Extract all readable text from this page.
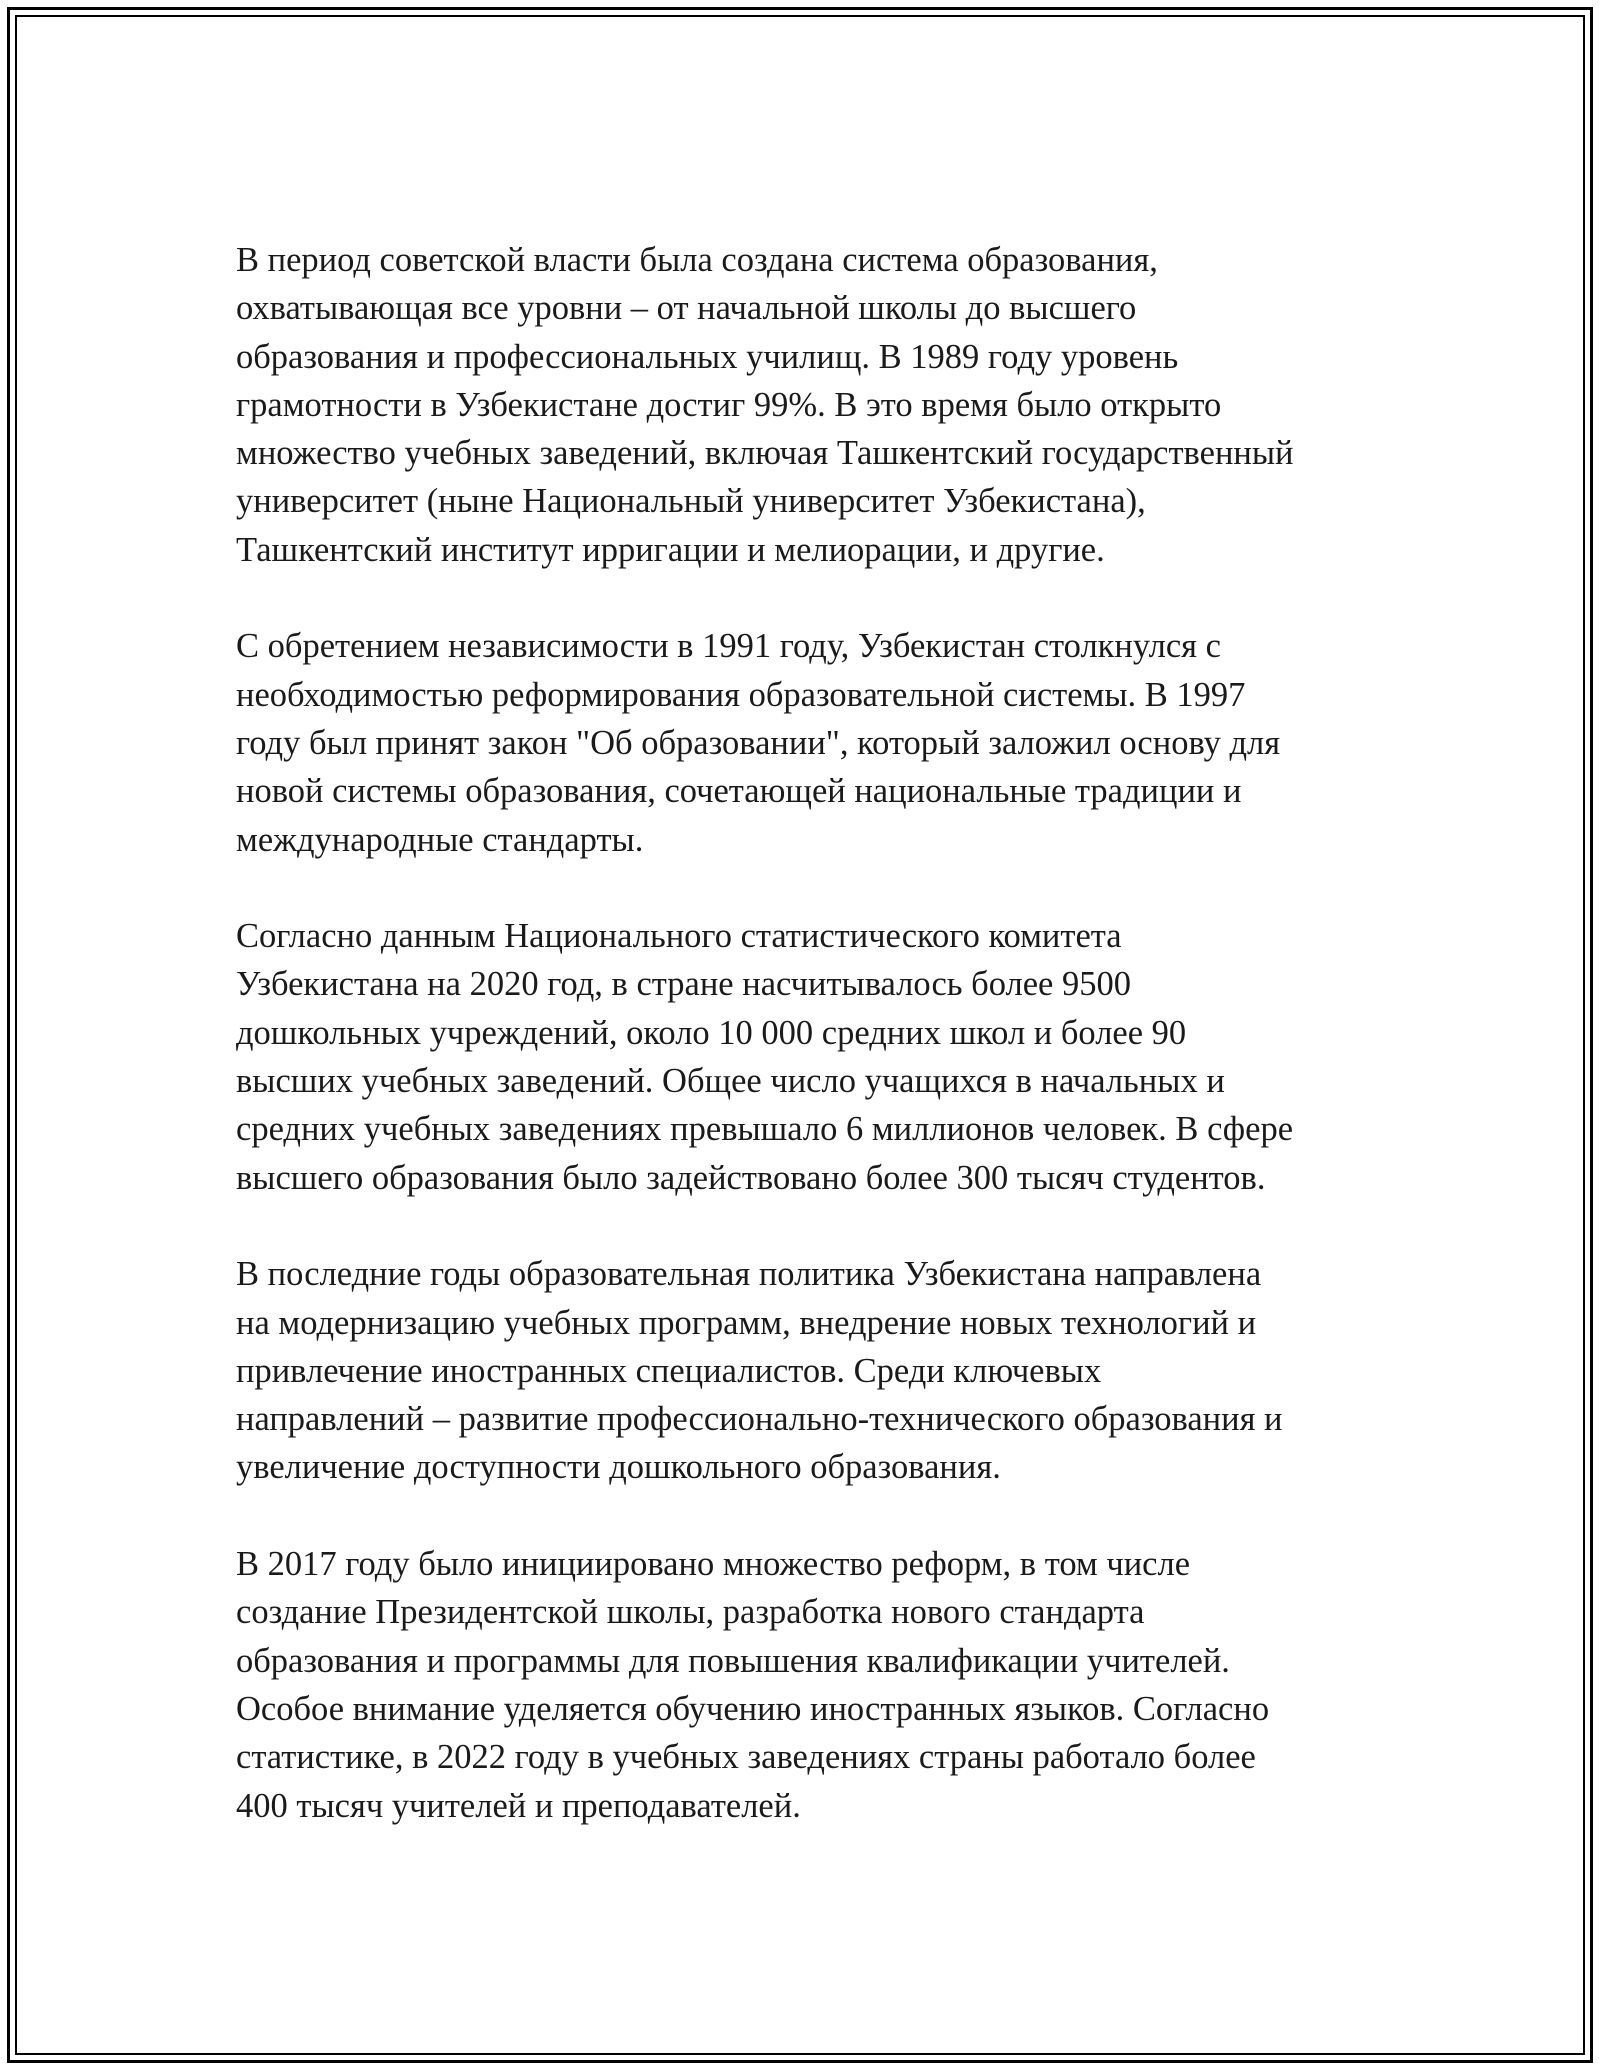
В период советской власти была создана система образования,
охватывающая все уровни – от начальной школы до высшего
образования и профессиональных училищ. В 1989 году уровень
грамотности в Узбекистане достиг 99%. В это время было открыто
множество учебных заведений, включая Ташкентский государственный
университет (ныне Национальный университет Узбекистана),
Ташкентский институт ирригации и мелиорации, и другие.

С обретением независимости в 1991 году, Узбекистан столкнулся с
необходимостью реформирования образовательной системы. В 1997
году был принят закон "Об образовании", который заложил основу для
новой системы образования, сочетающей национальные традиции и
международные стандарты.

Согласно данным Национального статистического комитета
Узбекистана на 2020 год, в стране насчитывалось более 9500
дошкольных учреждений, около 10 000 средних школ и более 90
высших учебных заведений. Общее число учащихся в начальных и
средних учебных заведениях превышало 6 миллионов человек. В сфере
высшего образования было задействовано более 300 тысяч студентов.

В последние годы образовательная политика Узбекистана направлена
на модернизацию учебных программ, внедрение новых технологий и
привлечение иностранных специалистов. Среди ключевых
направлений – развитие профессионально-технического образования и
увеличение доступности дошкольного образования.

В 2017 году было инициировано множество реформ, в том числе
создание Президентской школы, разработка нового стандарта
образования и программы для повышения квалификации учителей.
Особое внимание уделяется обучению иностранных языков. Согласно
статистике, в 2022 году в учебных заведениях страны работало более
400 тысяч учителей и преподавателей.
